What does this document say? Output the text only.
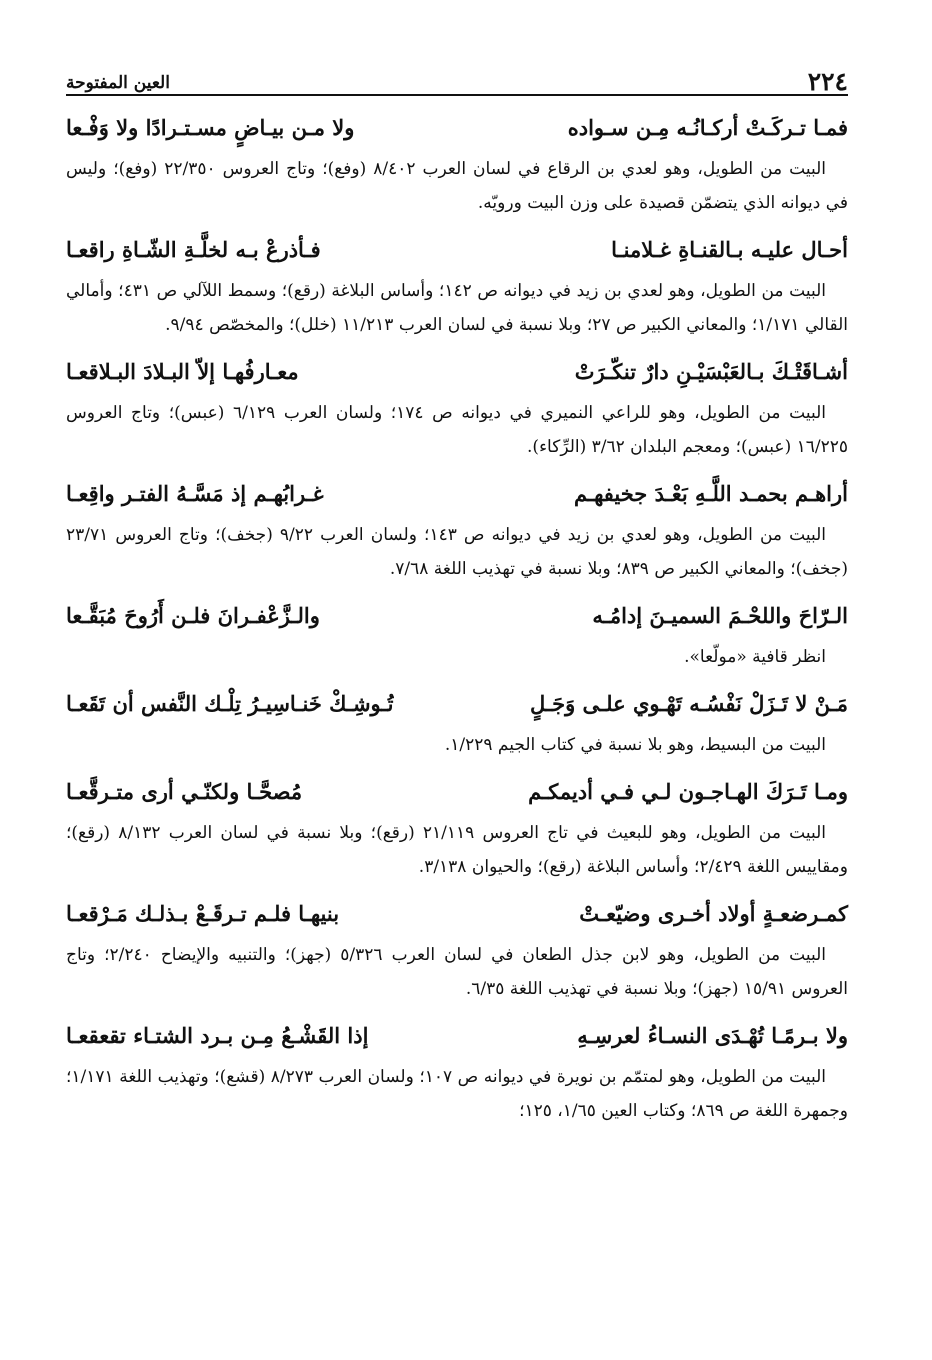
٢٢٤
العين المفتوحة
فمـا تـركَـتْ أركـانُـه مِـن سـواده
ولا مـن بيـاضٍ مسـتـرادًا ولا وَفْـعا

البيت من الطويل، وهو لعدي بن الرقاع في لسان العرب ٨/٤٠٢ (وفع)؛ وتاج العروس ٢٢/٣٥٠ (وفع)؛ وليس في ديوانه الذي يتضمّن قصيدة على وزن البيت ورويّه.

أحـال عليـه بـالقنـاةِ غـلامنـا
فـأذرعْ بـه لخلَّـةِ الشّـاةِ راقعـا

البيت من الطويل، وهو لعدي بن زيد في ديوانه ص ١٤٢؛ وأساس البلاغة (رقع)؛ وسمط اللآلي ص ٤٣١؛ وأمالي القالي ١/١٧١؛ والمعاني الكبير ص ٢٧؛ وبلا نسبة في لسان العرب ١١/٢١٣ (خلل)؛ والمخصّص ٩/٩٤.

أشـاقَتْـكَ بـالعَبْسَيْـنِ دارٌ تنكّـرَتْ
معـارفُهـا إلاّ البـلادَ البـلاقعـا

البيت من الطويل، وهو للراعي النميري في ديوانه ص ١٧٤؛ ولسان العرب ٦/١٢٩ (عبس)؛ وتاج العروس ١٦/٢٢٥ (عبس)؛ ومعجم البلدان ٣/٦٢ (الرِّكاء).

أراهـم بحمـد اللَّـهِ بَعْـدَ جخيفهـم
غـرابُهـم إذ مَسَّـهُ الفتـر واقِعـا

البيت من الطويل، وهو لعدي بن زيد في ديوانه ص ١٤٣؛ ولسان العرب ٩/٢٢ (جخف)؛ وتاج العروس ٢٣/٧١ (جخف)؛ والمعاني الكبير ص ٨٣٩؛ وبلا نسبة في تهذيب اللغة ٧/٦٨.

الـرّاحَ واللحْـمَ السميـنَ إدامُـه
والـزَّعْفـرانَ فلـن أَرُوحَ مُبَقَّـعا

انظر قافية «مولّعا».

مَـنْ لا تَـزَلْ نَفْسُـه تَهْـوي علـى وَجَـلٍ
تُـوشِـكْ خَنـاسِيـرُ تِلْـك النَّفس أن تَقَعـا

البيت من البسيط، وهو بلا نسبة في كتاب الجيم ١/٢٢٩.

ومـا تَـرَكَ الهـاجـون لـي فـي أديمكـم
مُصحَّـا ولكنّـي أرى متـرقَّعـا

البيت من الطويل، وهو للبعيث في تاج العروس ٢١/١١٩ (رقع)؛ وبلا نسبة في لسان العرب ٨/١٣٢ (رقع)؛ ومقاييس اللغة ٢/٤٢٩؛ وأساس البلاغة (رقع)؛ والحيوان ٣/١٣٨.

كمـرضعـةٍ أولاد أخـرى وضيّعـتْ
بنيهـا فلـم تـرقَـعْ بـذلـك مَـرْقعـا

البيت من الطويل، وهو لابن جذل الطعان في لسان العرب ٥/٣٢٦ (جهز)؛ والتنبيه والإيضاح ٢/٢٤٠؛ وتاج العروس ١٥/٩١ (جهز)؛ وبلا نسبة في تهذيب اللغة ٦/٣٥.

ولا بـرمًـا تُهْـدَى النسـاءُ لعرسِـهِ
إذا القَشْـعُ مِـن بـرد الشتـاء تقعقعـا

البيت من الطويل، وهو لمتمّم بن نويرة في ديوانه ص ١٠٧؛ ولسان العرب ٨/٢٧٣ (قشع)؛ وتهذيب اللغة ١/١٧١؛ وجمهرة اللغة ص ٨٦٩؛ وكتاب العين ١/٦٥، ١٢٥؛
